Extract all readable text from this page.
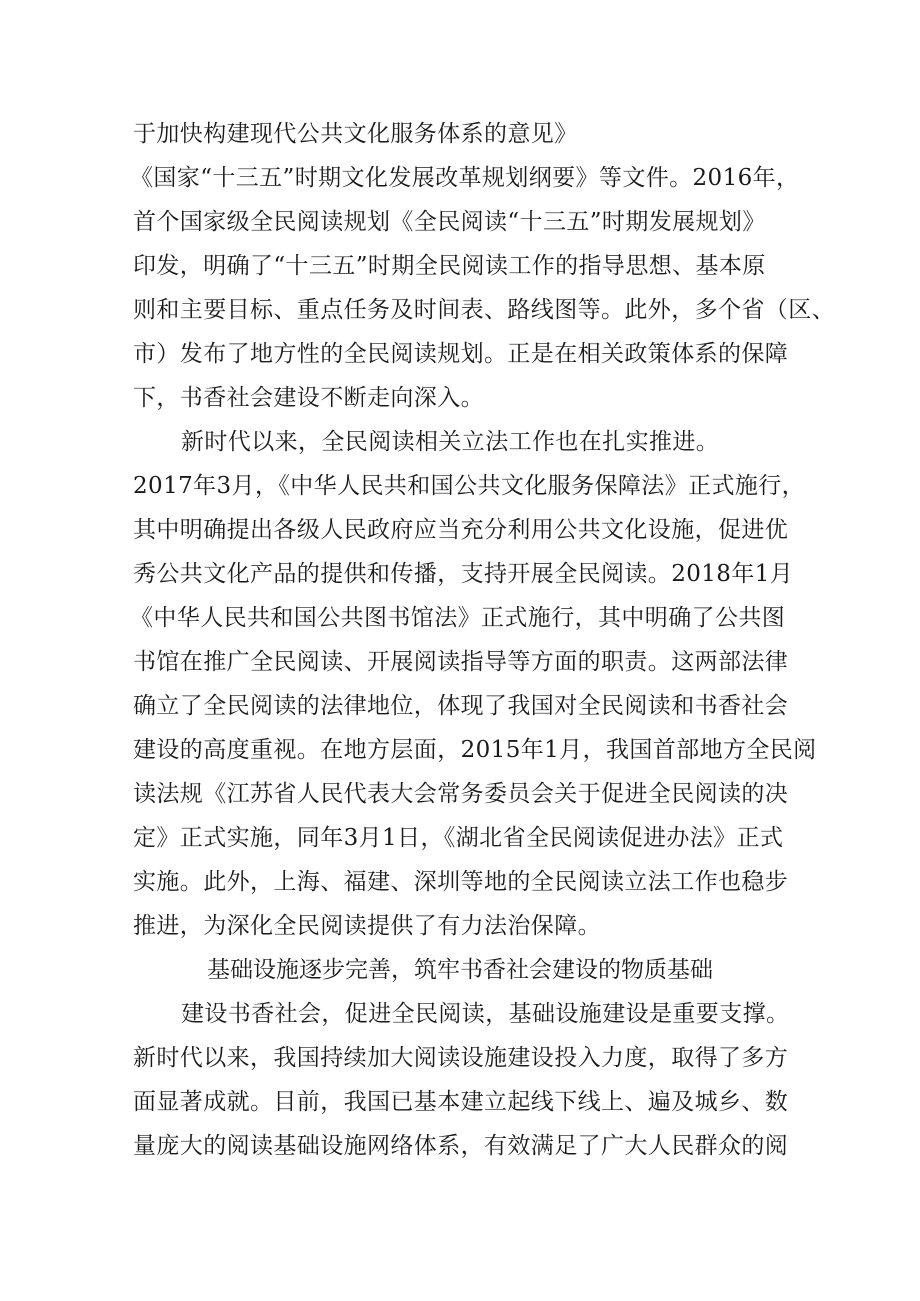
于加快构建现代公共文化服务体系的意见》
《国家“十三五”时期文化发展改革规划纲要》等文件。2016年，
首个国家级全民阅读规划《全民阅读“十三五”时期发展规划》
印发，明确了“十三五”时期全民阅读工作的指导思想、基本原
则和主要目标、重点任务及时间表、路线图等。此外，多个省（区、
市）发布了地方性的全民阅读规划。正是在相关政策体系的保障
下，书香社会建设不断走向深入。
新时代以来，全民阅读相关立法工作也在扎实推进。
2017年3月，《中华人民共和国公共文化服务保障法》正式施行，
其中明确提出各级人民政府应当充分利用公共文化设施，促进优
秀公共文化产品的提供和传播，支持开展全民阅读。2018年1月
《中华人民共和国公共图书馆法》正式施行，其中明确了公共图
书馆在推广全民阅读、开展阅读指导等方面的职责。这两部法律
确立了全民阅读的法律地位，体现了我国对全民阅读和书香社会
建设的高度重视。在地方层面，2015年1月，我国首部地方全民阅
读法规《江苏省人民代表大会常务委员会关于促进全民阅读的决
定》正式实施，同年3月1日，《湖北省全民阅读促进办法》正式
实施。此外，上海、福建、深圳等地的全民阅读立法工作也稳步
推进，为深化全民阅读提供了有力法治保障。
基础设施逐步完善，筑牢书香社会建设的物质基础
建设书香社会，促进全民阅读，基础设施建设是重要支撑。
新时代以来，我国持续加大阅读设施建设投入力度，取得了多方
面显著成就。目前，我国已基本建立起线下线上、遍及城乡、数
量庞大的阅读基础设施网络体系，有效满足了广大人民群众的阅
